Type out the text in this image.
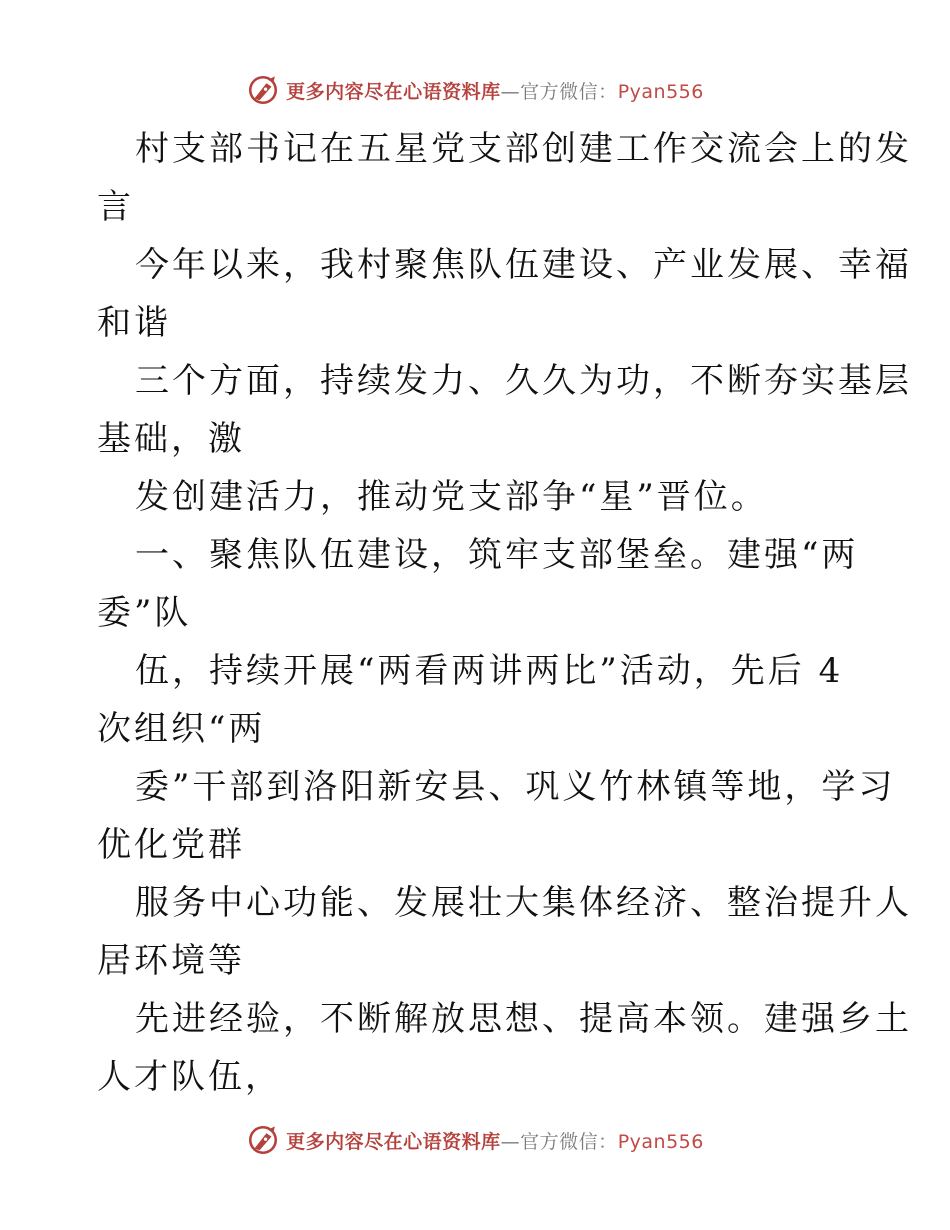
更多内容尽在心语资料库—官方微信：Pyan556
村支部书记在五星党支部创建工作交流会上的发
言
今年以来，我村聚焦队伍建设、产业发展、幸福
和谐
三个方面，持续发力、久久为功，不断夯实基层
基础，激
发创建活力，推动党支部争“星”晋位。
一、聚焦队伍建设，筑牢支部堡垒。建强“两
委”队
伍，持续开展“两看两讲两比”活动，先后 4
次组织“两
委”干部到洛阳新安县、巩义竹林镇等地，学习
优化党群
服务中心功能、发展壮大集体经济、整治提升人
居环境等
先进经验，不断解放思想、提高本领。建强乡土
人才队伍，
更多内容尽在心语资料库—官方微信：Pyan556
